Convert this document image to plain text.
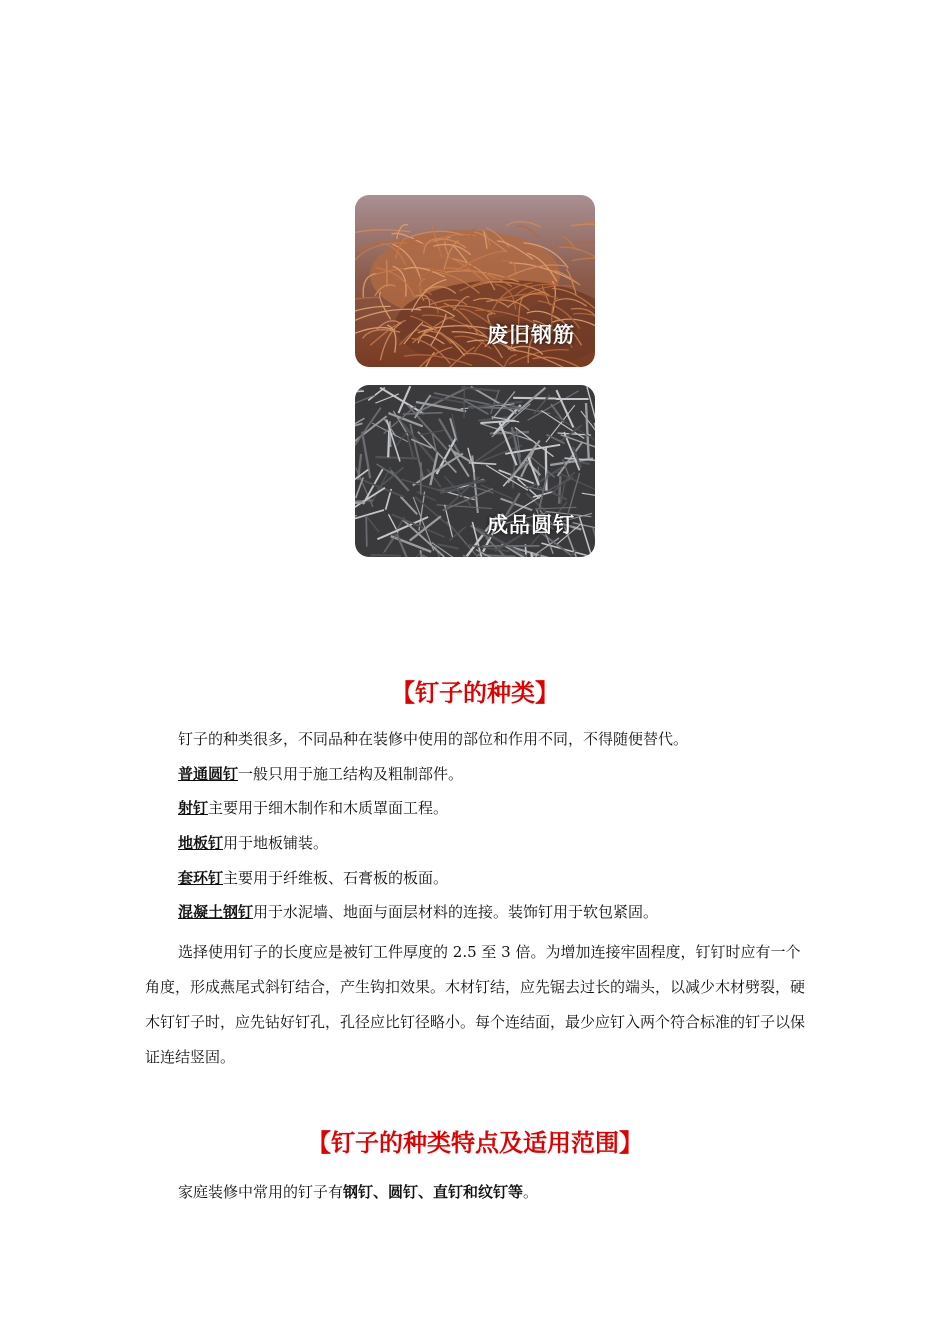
废旧钢筋
成品圆钉
【钉子的种类】
钉子的种类很多，不同品种在装修中使用的部位和作用不同，不得随便替代。
普通圆钉一般只用于施工结构及粗制部件。
射钉主要用于细木制作和木质罩面工程。
地板钉用于地板铺装。
套环钉主要用于纤维板、石膏板的板面。
混凝土钢钉用于水泥墙、地面与面层材料的连接。装饰钉用于软包紧固。
选择使用钉子的长度应是被钉工件厚度的 2.5 至 3 倍。为增加连接牢固程度，钉钉时应有一个角度，形成燕尾式斜钉结合，产生钩扣效果。木材钉结，应先锯去过长的端头，以减少木材劈裂，硬木钉钉子时，应先钻好钉孔，孔径应比钉径略小。每个连结面，最少应钉入两个符合标准的钉子以保证连结竖固。
【钉子的种类特点及适用范围】
家庭装修中常用的钉子有钢钉、圆钉、直钉和纹钉等。
